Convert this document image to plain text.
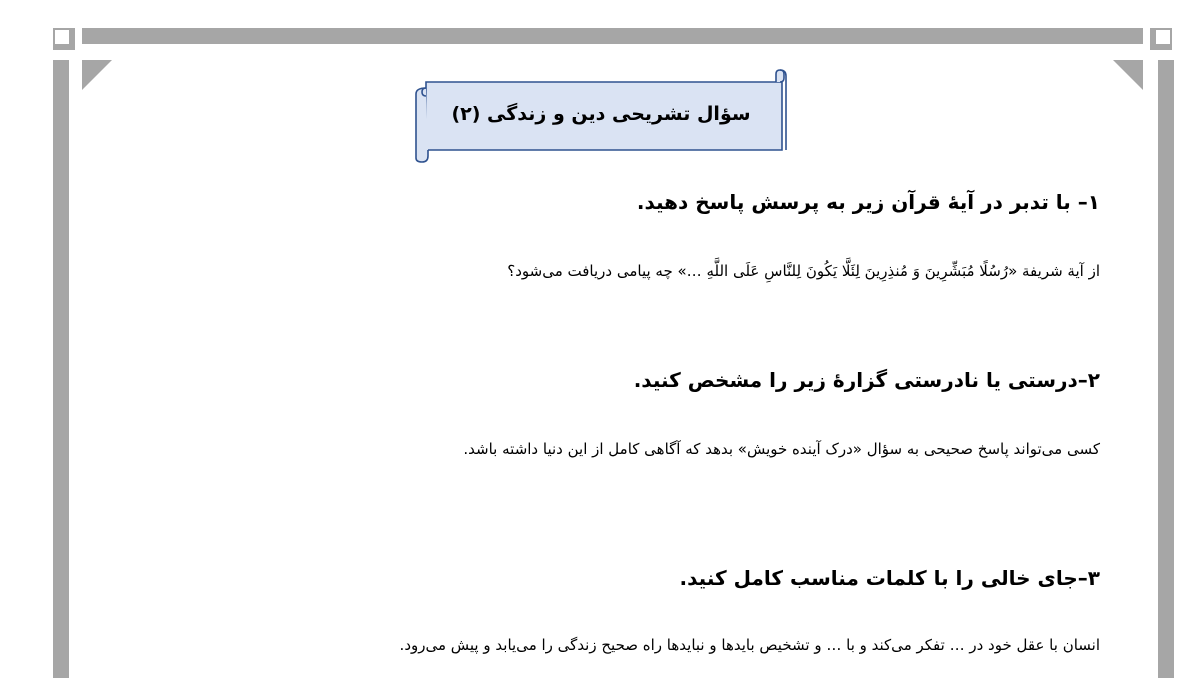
سؤال تشریحی دین و زندگی (۲)
۱– با تدبر در آیهٔ قرآن زیر به پرسش پاسخ دهید.
از آیة شریفة «رُسُلًا مُبَشِّرِینَ وَ مُنذِرِینَ لِئَلَّا یَکُونَ لِلنَّاسِ عَلَی اللَّهِ …» چه پیامی دریافت می‌شود؟
۲–درستی یا نادرستی گزارهٔ زیر را مشخص کنید.
کسی می‌تواند پاسخ صحیحی به سؤال «درک آینده خویش» بدهد که آگاهی کامل از این دنیا داشته باشد.
۳–جای خالی را با کلمات مناسب کامل کنید.
انسان با عقل خود در … تفکر می‌کند و با … و تشخیص بایدها و نبایدها راه صحیح زندگی را می‌یابد و پیش می‌رود.
